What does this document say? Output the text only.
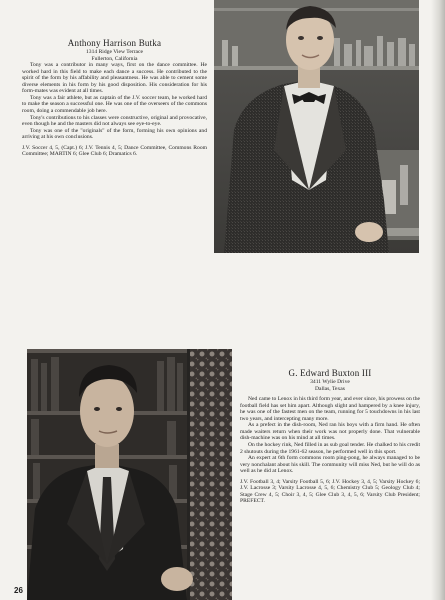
Anthony Harrison Butka
1314 Ridge View Terrace
Fullerton, California

Tony was a contributor in many ways, first on the dance committee. He worked hard in this field to make each dance a success. He contributed to the spirit of the form by his affability and pleasantness. He was able to cement some diverse elements in his form by his good disposition. His consideration for his form-mates was evident at all times.

Tony was a fair athlete, but as captain of the J.V. soccer team, he worked hard to make the season a successful one. He was one of the overseers of the commons room, doing a commendable job here.

Tony's contributions to his classes were constructive, original and provocative, even though he and the masters did not always see eye-to-eye.

Tony was one of the "originals" of the form, forming his own opinions and arriving at his own conclusions.

J.V. Soccer 4, 5, (Capt.) 6; J.V. Tennis 4, 5; Dance Committee, Commons Room Committee; MARTIN 6; Glee Club 6; Dramatics 6.
G. Edward Buxton III
3411 Wylie Drive
Dallas, Texas

Ned came to Lenox in his third form year, and ever since, his prowess on the football field has set him apart. Although slight and hampered by a knee injury, he was one of the fastest men on the team, running for 5 touchdowns in his last two years, and intercepting many more.

As a prefect in the dish-room, Ned ran his boys with a firm hand. He often made waiters return when their work was not properly done. That vulnerable dish-machine was on his mind at all times.

On the hockey rink, Ned filled in as sub goal tender. He chalked to his credit 2 shutouts during the 1961-62 season, he performed well in this sport.

An expert at 6th form commons room ping-pong, he always managed to be very nonchalant about his skill. The community will miss Ned, but he will do as well as he did at Lenox.

J.V. Football 3, 4; Varsity Football 5, 6; J.V. Hockey 3, 4, 5; Varsity Hockey 6; J.V. Lacrosse 3; Varsity Lacrosse 4, 5, 6; Chemistry Club 5; Geology Club 4; Stage Crew 4, 5; Choir 3, 4, 5; Glee Club 3, 4, 5, 6; Varsity Club President; PREFECT.
26
